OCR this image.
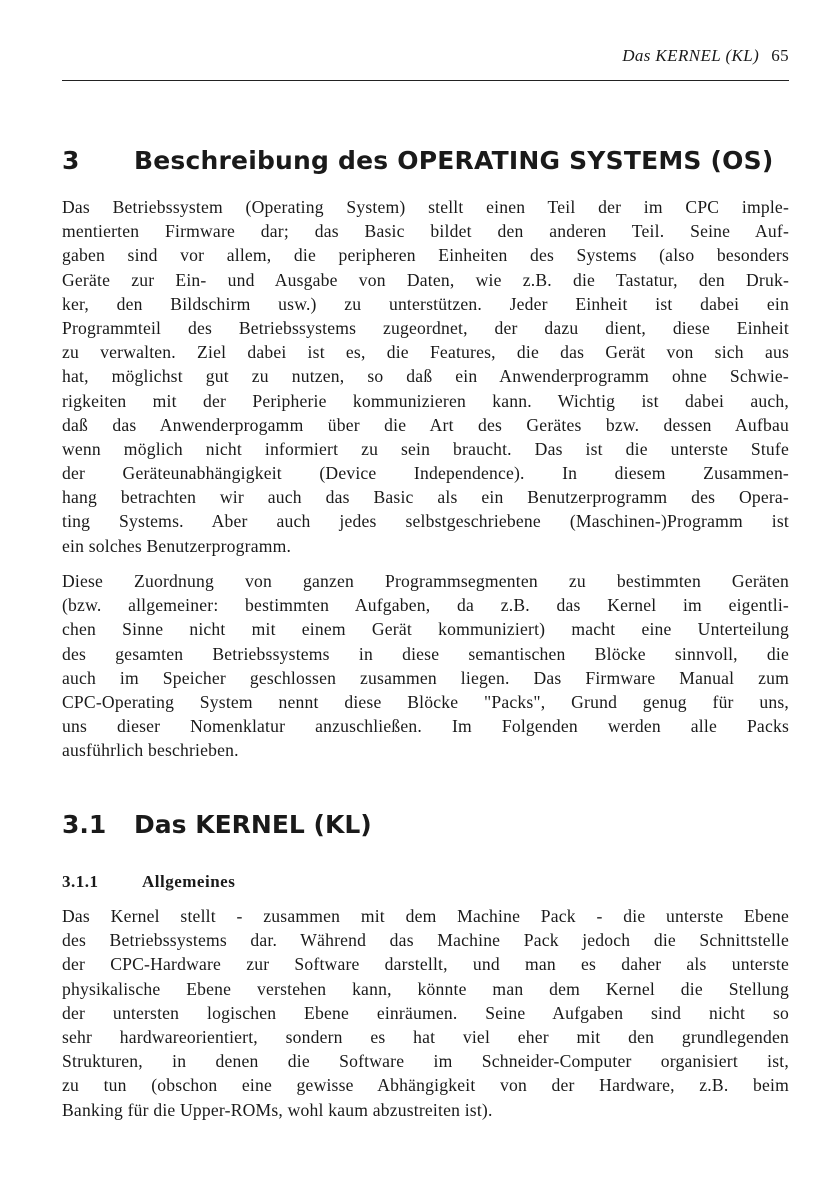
Das KERNEL (KL) 65
3 Beschreibung des OPERATING SYSTEMS (OS)
Das Betriebssystem (Operating System) stellt einen Teil der im CPC imple-
mentierten Firmware dar; das Basic bildet den anderen Teil. Seine Auf-
gaben sind vor allem, die peripheren Einheiten des Systems (also besonders
Geräte zur Ein- und Ausgabe von Daten, wie z.B. die Tastatur, den Druk-
ker, den Bildschirm usw.) zu unterstützen. Jeder Einheit ist dabei ein
Programmteil des Betriebssystems zugeordnet, der dazu dient, diese Einheit
zu verwalten. Ziel dabei ist es, die Features, die das Gerät von sich aus
hat, möglichst gut zu nutzen, so daß ein Anwenderprogramm ohne Schwie-
rigkeiten mit der Peripherie kommunizieren kann. Wichtig ist dabei auch,
daß das Anwenderprogamm über die Art des Gerätes bzw. dessen Aufbau
wenn möglich nicht informiert zu sein braucht. Das ist die unterste Stufe
der Geräteunabhängigkeit (Device Independence). In diesem Zusammen-
hang betrachten wir auch das Basic als ein Benutzerprogramm des Opera-
ting Systems. Aber auch jedes selbstgeschriebene (Maschinen-)Programm ist
ein solches Benutzerprogramm.
Diese Zuordnung von ganzen Programmsegmenten zu bestimmten Geräten
(bzw. allgemeiner: bestimmten Aufgaben, da z.B. das Kernel im eigentli-
chen Sinne nicht mit einem Gerät kommuniziert) macht eine Unterteilung
des gesamten Betriebssystems in diese semantischen Blöcke sinnvoll, die
auch im Speicher geschlossen zusammen liegen. Das Firmware Manual zum
CPC-Operating System nennt diese Blöcke "Packs", Grund genug für uns,
uns dieser Nomenklatur anzuschließen. Im Folgenden werden alle Packs
ausführlich beschrieben.
3.1 Das KERNEL (KL)
3.1.1	Allgemeines
Das Kernel stellt - zusammen mit dem Machine Pack - die unterste Ebene
des Betriebssystems dar. Während das Machine Pack jedoch die Schnittstelle
der CPC-Hardware zur Software darstellt, und man es daher als unterste
physikalische Ebene verstehen kann, könnte man dem Kernel die Stellung
der untersten logischen Ebene einräumen. Seine Aufgaben sind nicht so
sehr hardwareorientiert, sondern es hat viel eher mit den grundlegenden
Strukturen, in denen die Software im Schneider-Computer organisiert ist,
zu tun (obschon eine gewisse Abhängigkeit von der Hardware, z.B. beim
Banking für die Upper-ROMs, wohl kaum abzustreiten ist).
